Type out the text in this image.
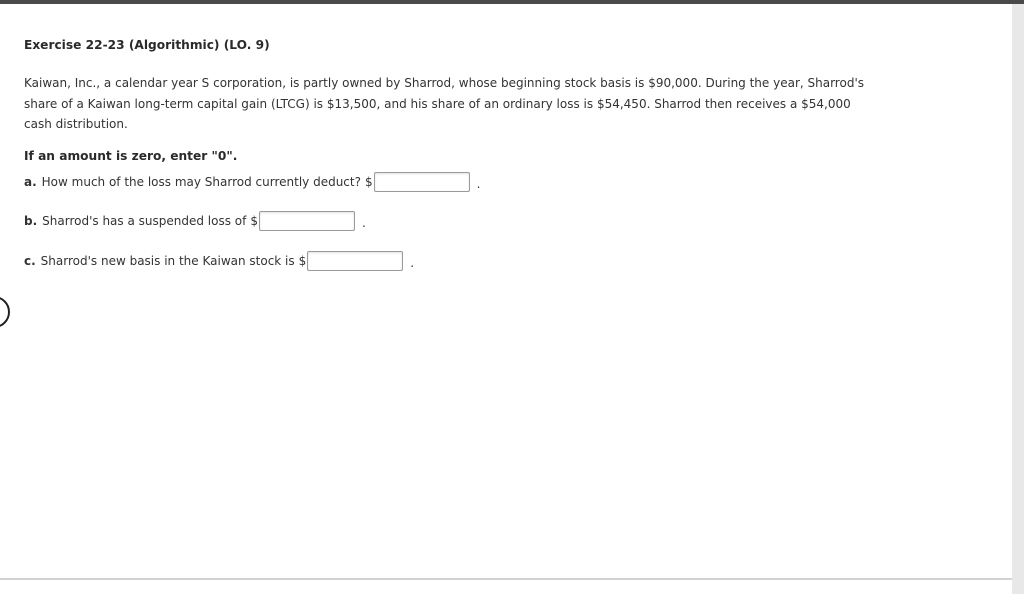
Exercise 22-23 (Algorithmic) (LO. 9)

Kaiwan, Inc., a calendar year S corporation, is partly owned by Sharrod, whose beginning stock basis is $90,000. During the year, Sharrod's share of a Kaiwan long-term capital gain (LTCG) is $13,500, and his share of an ordinary loss is $54,450. Sharrod then receives a $54,000 cash distribution.

If an amount is zero, enter "0".

a. How much of the loss may Sharrod currently deduct? $	.
b. Sharrod's has a suspended loss of $	.
c. Sharrod's new basis in the Kaiwan stock is $	.
